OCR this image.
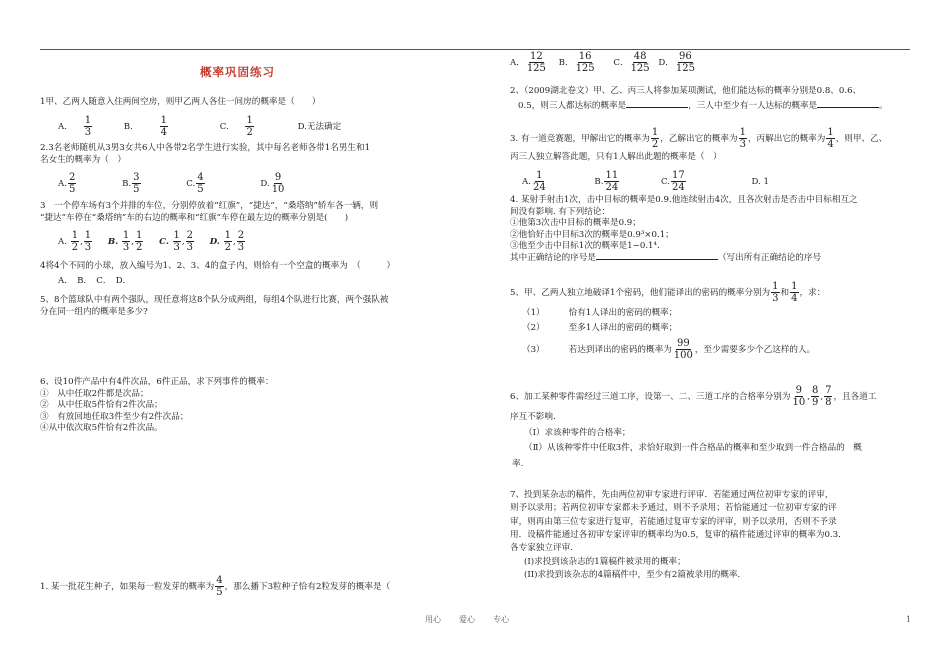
概率巩固练习
1甲、乙两人随意入住两间空房，则甲乙两人各住一间房的概率是（　　）
A. $\frac{1}{3}$	B.	$\frac{1}{4}$	C. $\frac{1}{2}$	D.无法确定
2.3名老师随机从3男3女共6人中各带2名学生进行实验，其中每名老师各带1名男生和1
名女生的概率为（　）
A. $\frac{2}{5}$	B. $\frac{3}{5}$	C. $\frac{4}{5}$	D. $\frac{9}{10}$
3　一个停车场有3个并排的车位，分别停放着“红旗”，“捷达”，“桑塔纳”轿车各一辆，则
“捷达”车停在“桑塔纳”车的右边的概率和“红旗”车停在最左边的概率分别是(　　)
A. $\frac{1}{2}$ , $\frac{1}{3} B$. $\frac{1}{3}$ , $\frac{1}{2} C$. $\frac{1}{3}$ , $\frac{2}{3} D$. $\frac{1}{2}$ , $\frac{2}{3}$
4将4个不同的小球，放入编号为1、2、3、4的盒子内，则恰有一个空盒的概率为　（　　　）
A．　B．　C．　D．
5、8个篮球队中有两个强队，现任意将这8个队分成两组，每组4个队进行比赛，两个强队被
分在同一组内的概率是多少?
6、设10件产品中有4件次品，6件正品，求下列事件的概率：
①　从中任取2件都是次品；
②　从中任取5件恰有2件次品；
③　有放回地任取3件至少有2件次品；
④从中依次取5件恰有2件次品。
1. 某一批花生种子，如果每一粒发芽的概率为 $\frac{4}{5}$ ，那么播下3粒种子恰有2粒发芽的概率是（
A． $\frac{12}{125}$ B． $\frac{16}{125}$ C． $\frac{48}{125}$ D． $\frac{96}{125}$
2、（2009湖北卷文）甲、乙、丙三人将参加某项测试，他们能达标的概率分别是0.8、0.6、
0.5，则三人都达标的概率是	，三人中至少有一人达标的概率是	。
3. 有一道竞赛题，甲解出它的概率为 $\frac{1}{2}$ ，乙解出它的概率为 $\frac{1}{3}$ ，丙解出它的概率为 $\frac{1}{4}$ ，则甲、乙、
丙三人独立解答此题，只有1人解出此题的概率是（　）
A. $\frac{1}{24}$	B. $\frac{11}{24}$	C. $\frac{17}{24}$	D. 1
4. 某射手射击1次，击中目标的概率是0.9.他连续射击4次，且各次射击是否击中目标相互之
间没有影响. 有下列结论：
①他第3次击中目标的概率是0.9；
②他恰好击中目标3次的概率是0.9³×0.1；
③他至少击中目标1次的概率是1−0.1⁴.
其中正确结论的序号是	（写出所有正确结论的序号
5、甲、乙两人独立地破译1个密码，他们能译出的密码的概率分别为 $\frac{1}{3}$ 和 $\frac{1}{4}$ ，求：
（1）	恰有1人译出的密码的概率；
（2）	至多1人译出的密码的概率；
（3）	若达到译出的密码的概率为 $\frac{99}{100}$ ，至少需要多少个乙这样的人。
6、加工某种零件需经过三道工序，设第一、二、三道工序的合格率分别为 $\frac{9}{10}$ , $\frac{8}{9}$ , $\frac{7}{8}$ ，且各道工
序互不影响.
（Ⅰ）求该种零件的合格率；
（Ⅱ）从该种零件中任取3件，求恰好取到一件合格品的概率和至少取到一件合格品的　概
率.
7、投到某杂志的稿件，先由两位初审专家进行评审．若能通过两位初审专家的评审，
则予以录用；若两位初审专家都未予通过，则不予录用；若恰能通过一位初审专家的评
审，则再由第三位专家进行复审，若能通过复审专家的评审，则予以录用，否则不予录
用．设稿件能通过各初审专家评审的概率均为0.5，复审的稿件能通过评审的概率为0.3．
各专家独立评审．
(I)求投到该杂志的1篇稿件被录用的概率；
(II)求投到该杂志的4篇稿件中，至少有2篇被录用的概率．
用心 爱心 专心	1
